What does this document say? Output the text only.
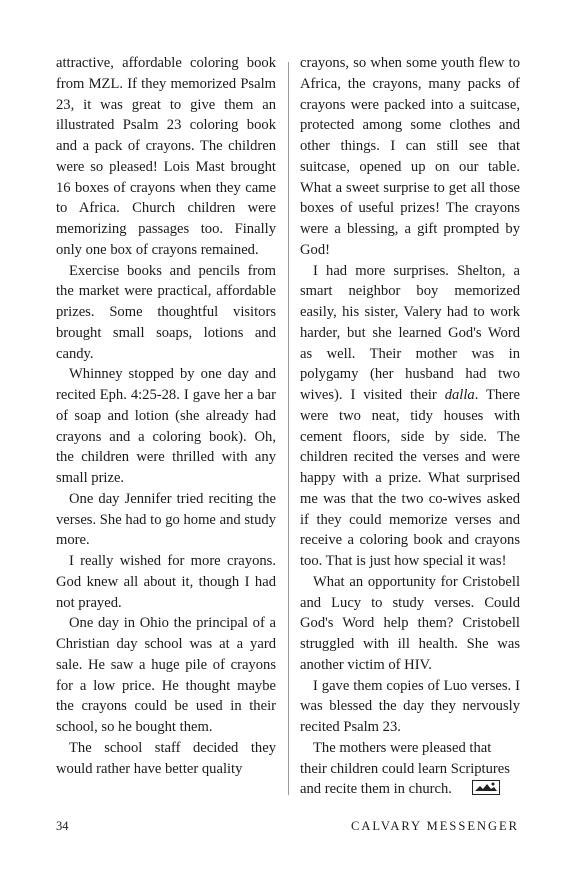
attractive, affordable coloring book from MZL. If they memorized Psalm 23, it was great to give them an illustrated Psalm 23 coloring book and a pack of crayons. The children were so pleased! Lois Mast brought 16 boxes of crayons when they came to Africa. Church children were memorizing passages too. Finally only one box of crayons remained.

Exercise books and pencils from the market were practical, affordable prizes. Some thoughtful visitors brought small soaps, lotions and candy.

Whinney stopped by one day and recited Eph. 4:25-28. I gave her a bar of soap and lotion (she already had crayons and a coloring book). Oh, the children were thrilled with any small prize.

One day Jennifer tried reciting the verses. She had to go home and study more.

I really wished for more crayons. God knew all about it, though I had not prayed.

One day in Ohio the principal of a Christian day school was at a yard sale. He saw a huge pile of crayons for a low price. He thought maybe the crayons could be used in their school, so he bought them.

The school staff decided they would rather have better quality

crayons, so when some youth flew to Africa, the crayons, many packs of crayons were packed into a suitcase, protected among some clothes and other things. I can still see that suitcase, opened up on our table. What a sweet surprise to get all those boxes of useful prizes! The crayons were a blessing, a gift prompted by God!

I had more surprises. Shelton, a smart neighbor boy memorized easily, his sister, Valery had to work harder, but she learned God's Word as well. Their mother was in polygamy (her husband had two wives). I visited their dalla. There were two neat, tidy houses with cement floors, side by side. The children recited the verses and were happy with a prize. What surprised me was that the two co-wives asked if they could memorize verses and receive a coloring book and crayons too. That is just how special it was!

What an opportunity for Cristobell and Lucy to study verses. Could God's Word help them? Cristobell struggled with ill health. She was another victim of HIV.

I gave them copies of Luo verses. I was blessed the day they nervously recited Psalm 23.

The mothers were pleased that their children could learn Scriptures and recite them in church.

34	CALVARY MESSENGER
